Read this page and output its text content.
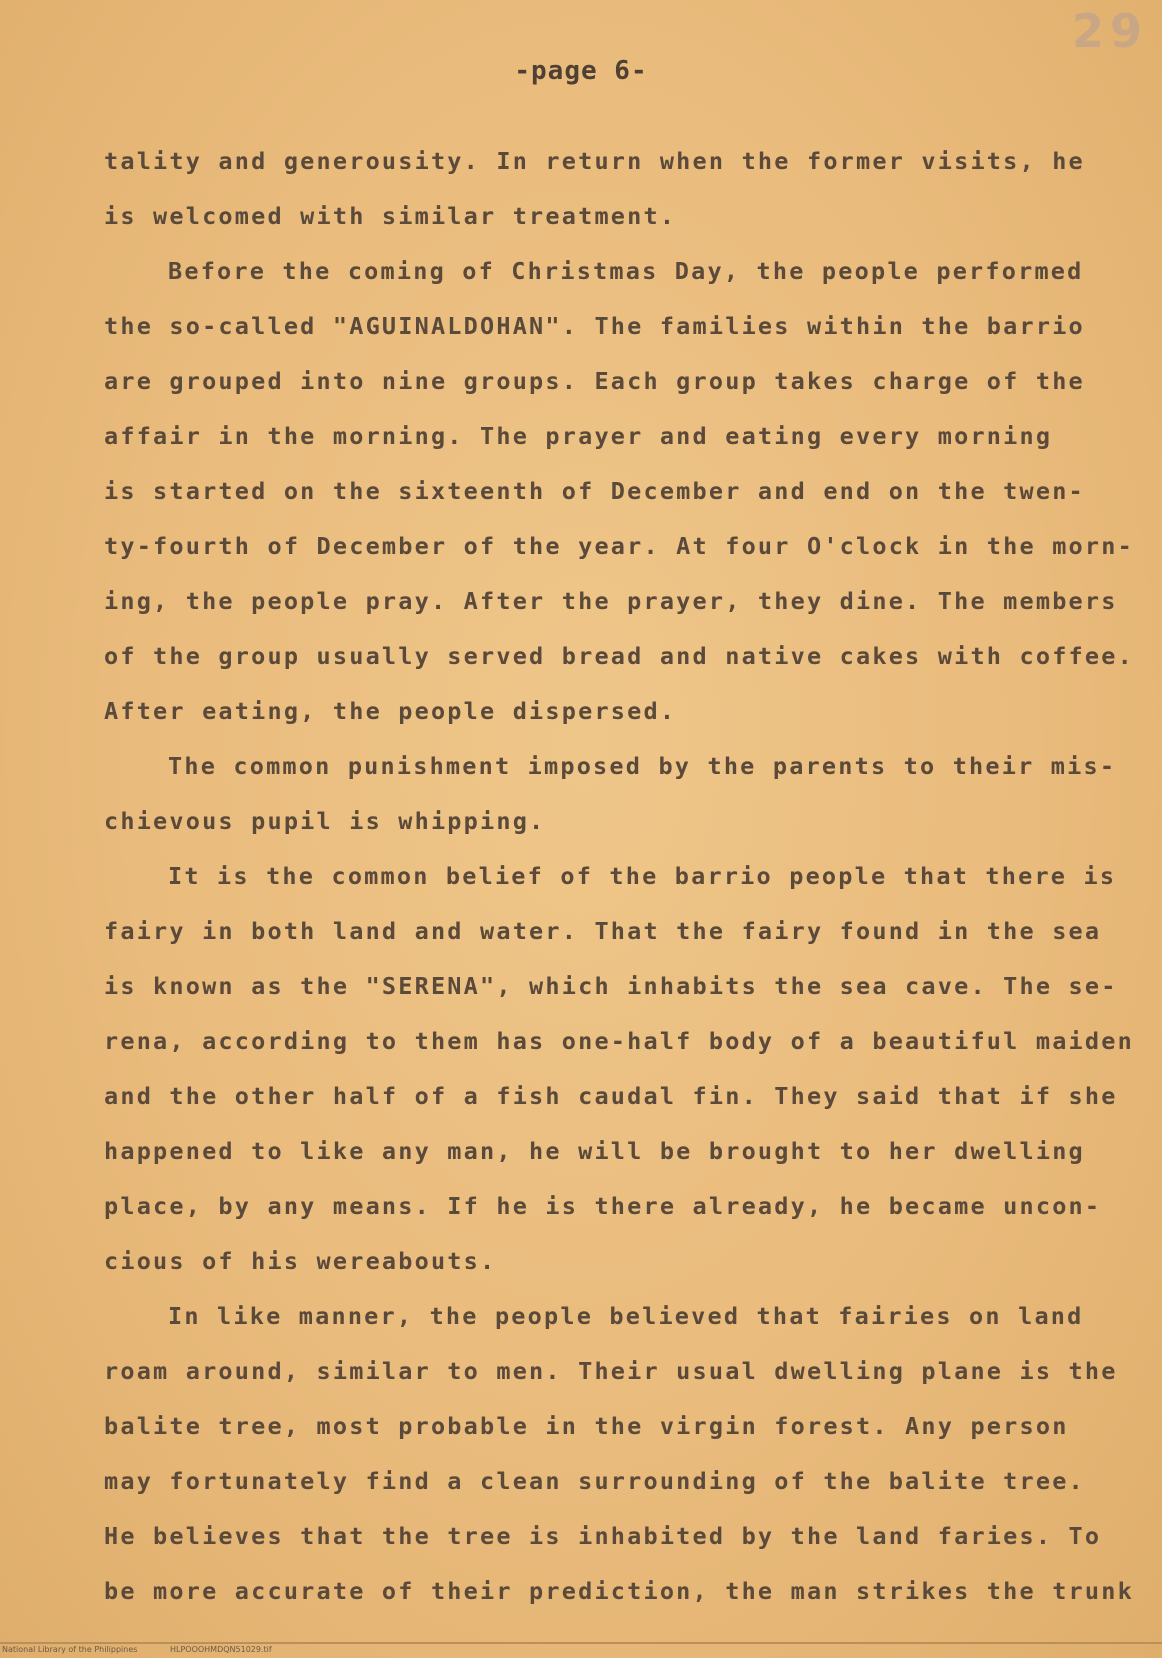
29
-page 6-
tality and generousity. In return when the former visits, he
is welcomed with similar treatment.
Before the coming of Christmas Day, the people performed
the so-called "AGUINALDOHAN". The families within the barrio
are grouped into nine groups. Each group takes charge of the
affair in the morning. The prayer and eating every morning
is started on the sixteenth of December and end on the twen-
ty-fourth of December of the year. At four O'clock in the morn-
ing, the people pray. After the prayer, they dine. The members
of the group usually served bread and native cakes with coffee.
After eating, the people dispersed.
The common punishment imposed by the parents to their mis-
chievous pupil is whipping.
It is the common belief of the barrio people that there is
fairy in both land and water. That the fairy found in the sea
is known as the "SERENA", which inhabits the sea cave. The se-
rena, according to them has one-half body of a beautiful maiden
and the other half of a fish caudal fin. They said that if she
happened to like any man, he will be brought to her dwelling
place, by any means. If he is there already, he became uncon-
cious of his wereabouts.
In like manner, the people believed that fairies on land
roam around, similar to men. Their usual dwelling plane is the
balite tree, most probable in the virgin forest. Any person
may fortunately find a clean surrounding of the balite tree.
He believes that the tree is inhabited by the land faries. To
be more accurate of their prediction, the man strikes the trunk
National Library of the Philippines	HLPOOOHMDQN51029.tif
